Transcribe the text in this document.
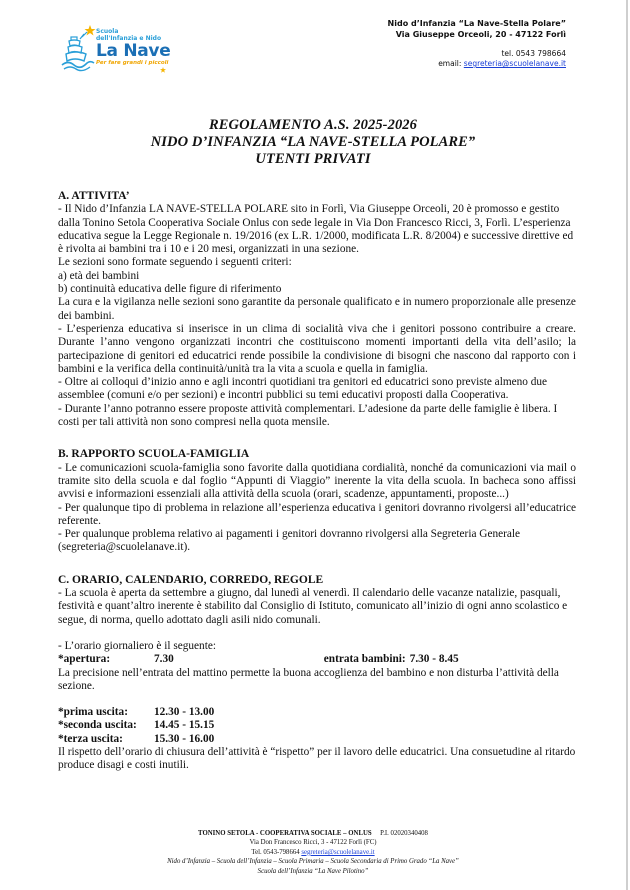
Scuola
dell'Infanzia e Nido
La Nave
Per fare grandi i piccoli
Nido d’Infanzia “La Nave-Stella Polare”
Via Giuseppe Orceoli, 20 - 47122 Forlì
tel. 0543 798664
email: segreteria@scuolelanave.it
REGOLAMENTO A.S. 2025-2026
NIDO D’INFANZIA “LA NAVE-STELLA POLARE”
UTENTI PRIVATI
A. ATTIVITA’
- Il Nido d’Infanzia LA NAVE-STELLA POLARE sito in Forlì, Via Giuseppe Orceoli, 20 è promosso e gestito dalla Tonino Setola Cooperativa Sociale Onlus con sede legale in Via Don Francesco Ricci, 3, Forlì. L’esperienza educativa segue la Legge Regionale n. 19/2016 (ex L.R. 1/2000, modificata L.R. 8/2004) e successive direttive ed è rivolta ai bambini tra i 10 e i 20 mesi, organizzati in una sezione.
Le sezioni sono formate seguendo i seguenti criteri:
a) età dei bambini
b) continuità educativa delle figure di riferimento
La cura e la vigilanza nelle sezioni sono garantite da personale qualificato e in numero proporzionale alle presenze dei bambini.
- L’esperienza educativa si inserisce in un clima di socialità viva che i genitori possono contribuire a creare. Durante l’anno vengono organizzati incontri che costituiscono momenti importanti della vita dell’asilo; la partecipazione di genitori ed educatrici rende possibile la condivisione di bisogni che nascono dal rapporto con i bambini e la verifica della continuità/unità tra la vita a scuola e quella in famiglia.
- Oltre ai colloqui d’inizio anno e agli incontri quotidiani tra genitori ed educatrici sono previste almeno due assemblee (comuni e/o per sezioni) e incontri pubblici su temi educativi proposti dalla Cooperativa.
- Durante l’anno potranno essere proposte attività complementari. L’adesione da parte delle famiglie è libera. I costi per tali attività non sono compresi nella quota mensile.
B. RAPPORTO SCUOLA-FAMIGLIA
- Le comunicazioni scuola-famiglia sono favorite dalla quotidiana cordialità, nonché da comunicazioni via mail o tramite sito della scuola e dal foglio “Appunti di Viaggio” inerente la vita della scuola. In bacheca sono affissi avvisi e informazioni essenziali alla attività della scuola (orari, scadenze, appuntamenti, proposte...)
- Per qualunque tipo di problema in relazione all’esperienza educativa i genitori dovranno rivolgersi all’educatrice referente.
- Per qualunque problema relativo ai pagamenti i genitori dovranno rivolgersi alla Segreteria Generale (segreteria@scuolelanave.it).
C. ORARIO, CALENDARIO, CORREDO, REGOLE
- La scuola è aperta da settembre a giugno, dal lunedì al venerdì. Il calendario delle vacanze natalizie, pasquali, festività e quant’altro inerente è stabilito dal Consiglio di Istituto, comunicato all’inizio di ogni anno scolastico e segue, di norma, quello adottato dagli asili nido comunali.
- L’orario giornaliero è il seguente:
*apertura:	7.30	entrata bambini: 7.30 - 8.45
La precisione nell’entrata del mattino permette la buona accoglienza del bambino e non disturba l’attività della sezione.
*prima uscita:	12.30 - 13.00
*seconda uscita:	14.45 - 15.15
*terza uscita:	15.30 - 16.00
Il rispetto dell’orario di chiusura dell’attività è “rispetto” per il lavoro delle educatrici. Una consuetudine al ritardo produce disagi e costi inutili.
TONINO SETOLA - COOPERATIVA SOCIALE – ONLUS P.I. 02020340408
Via Don Francesco Ricci, 3 - 47122 Forlì (FC)
Tel. 0543-798664 segreteria@scuolelanave.it
Nido d’Infanzia – Scuola dell’Infanzia – Scuola Primaria – Scuola Secondaria di Primo Grado “La Nave”
Scuola dell’Infanzia “La Nave Pilotino”
